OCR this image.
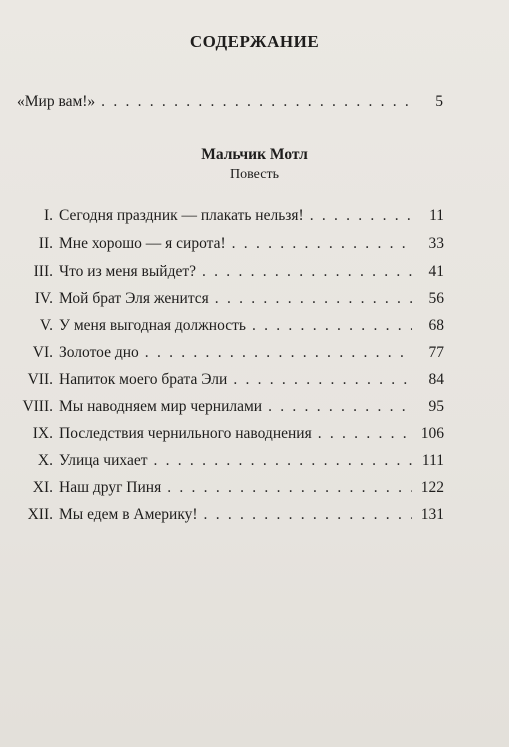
СОДЕРЖАНИЕ
«Мир вам!» . . .	5
Мальчик Мотл
Повесть
I. Сегодня праздник — плакать нельзя! . . .	11
II. Мне хорошо — я сирота! . . .	33
III. Что из меня выйдет? . . .	41
IV. Мой брат Эля женится . . .	56
V. У меня выгодная должность . . .	68
VI. Золотое дно . . .	77
VII. Напиток моего брата Эли . . .	84
VIII. Мы наводняем мир чернилами . . .	95
IX. Последствия чернильного наводнения . . .	106
X. Улица чихает . . .	111
XI. Наш друг Пиня . . .	122
XII. Мы едем в Америку! . . .	131
